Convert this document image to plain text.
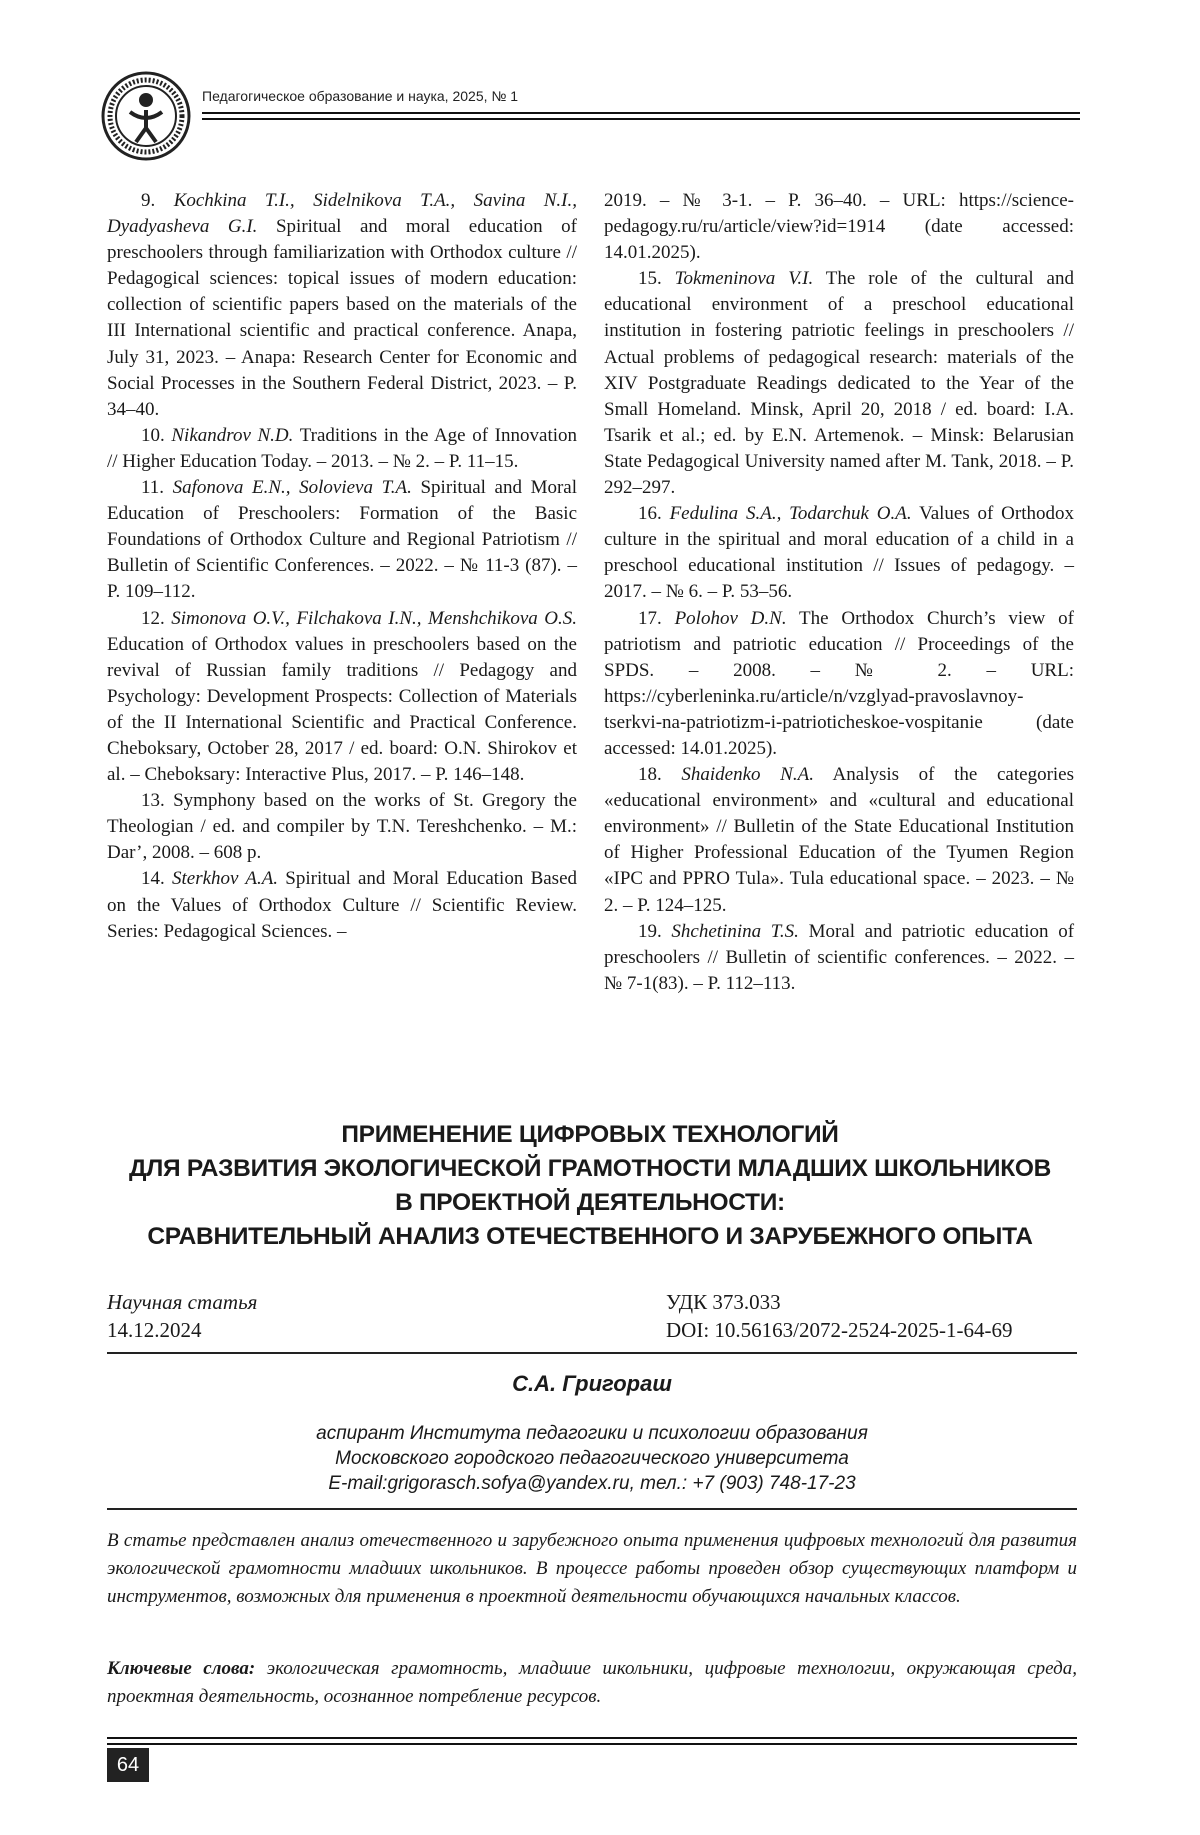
Педагогическое образование и наука, 2025, № 1

9. Kochkina T.I., Sidelnikova T.A., Savina N.I., Dyadyasheva G.I. Spiritual and moral education of preschoolers through familiarization with Orthodox culture // Pedagogical sciences: topical issues of modern education: collection of scientific papers based on the materials of the III International scientific and practical conference. Anapa, July 31, 2023. – Anapa: Research Center for Economic and Social Processes in the Southern Federal District, 2023. – P. 34–40.

10. Nikandrov N.D. Traditions in the Age of Innovation // Higher Education Today. – 2013. – № 2. – P. 11–15.

11. Safonova E.N., Solovieva T.A. Spiritual and Moral Education of Preschoolers: Formation of the Basic Foundations of Orthodox Culture and Regional Patriotism // Bulletin of Scientific Conferences. – 2022. – № 11-3 (87). – P. 109–112.

12. Simonova O.V., Filchakova I.N., Menshchikova O.S. Education of Orthodox values in preschoolers based on the revival of Russian family traditions // Pedagogy and Psychology: Development Prospects: Collection of Materials of the II International Scientific and Practical Conference. Cheboksary, October 28, 2017 / ed. board: O.N. Shirokov et al. – Cheboksary: Interactive Plus, 2017. – P. 146–148.

13. Symphony based on the works of St. Gregory the Theologian / ed. and compiler by T.N. Tereshchenko. – M.: Dar’, 2008. – 608 p.

14. Sterkhov A.A. Spiritual and Moral Education Based on the Values of Orthodox Culture // Scientific Review. Series: Pedagogical Sciences. –

2019. – № 3-1. – P. 36–40. – URL: https://science-pedagogy.ru/ru/article/view?id=1914 (date accessed: 14.01.2025).

15. Tokmeninova V.I. The role of the cultural and educational environment of a preschool educational institution in fostering patriotic feelings in preschoolers // Actual problems of pedagogical research: materials of the XIV Postgraduate Readings dedicated to the Year of the Small Homeland. Minsk, April 20, 2018 / ed. board: I.A. Tsarik et al.; ed. by E.N. Artemenok. – Minsk: Belarusian State Pedagogical University named after M. Tank, 2018. – P. 292–297.

16. Fedulina S.A., Todarchuk O.A. Values of Orthodox culture in the spiritual and moral education of a child in a preschool educational institution // Issues of pedagogy. – 2017. – № 6. – P. 53–56.

17. Polohov D.N. The Orthodox Church’s view of patriotism and patriotic education // Proceedings of the SPDS. – 2008. – № 2. – URL: https://cyberleninka.ru/article/n/vzglyad-pravoslavnoy-tserkvi-na-patriotizm-i-patrioticheskoe-vospitanie (date accessed: 14.01.2025).

18. Shaidenko N.A. Analysis of the categories «educational environment» and «cultural and educational environment» // Bulletin of the State Educational Institution of Higher Professional Education of the Tyumen Region «IPC and PPRO Tula». Tula educational space. – 2023. – № 2. – P. 124–125.

19. Shchetinina T.S. Moral and patriotic education of preschoolers // Bulletin of scientific conferences. – 2022. – № 7-1(83). – P. 112–113.

ПРИМЕНЕНИЕ ЦИФРОВЫХ ТЕХНОЛОГИЙ
ДЛЯ РАЗВИТИЯ ЭКОЛОГИЧЕСКОЙ ГРАМОТНОСТИ МЛАДШИХ ШКОЛЬНИКОВ
В ПРОЕКТНОЙ ДЕЯТЕЛЬНОСТИ:
СРАВНИТЕЛЬНЫЙ АНАЛИЗ ОТЕЧЕСТВЕННОГО И ЗАРУБЕЖНОГО ОПЫТА
Научная статья
14.12.2024
УДК 373.033
DOI: 10.56163/2072-2524-2025-1-64-69
С.А. Григораш
аспирант Института педагогики и психологии образования
Московского городского педагогического университета
E-mail:grigorasch.sofya@yandex.ru, тел.: +7 (903) 748-17-23
В статье представлен анализ отечественного и зарубежного опыта применения цифровых технологий для развития экологической грамотности младших школьников. В процессе работы проведен обзор существующих платформ и инструментов, возможных для применения в проектной деятельности обучающихся начальных классов.
Ключевые слова: экологическая грамотность, младшие школьники, цифровые технологии, окружающая среда, проектная деятельность, осознанное потребление ресурсов.
64
